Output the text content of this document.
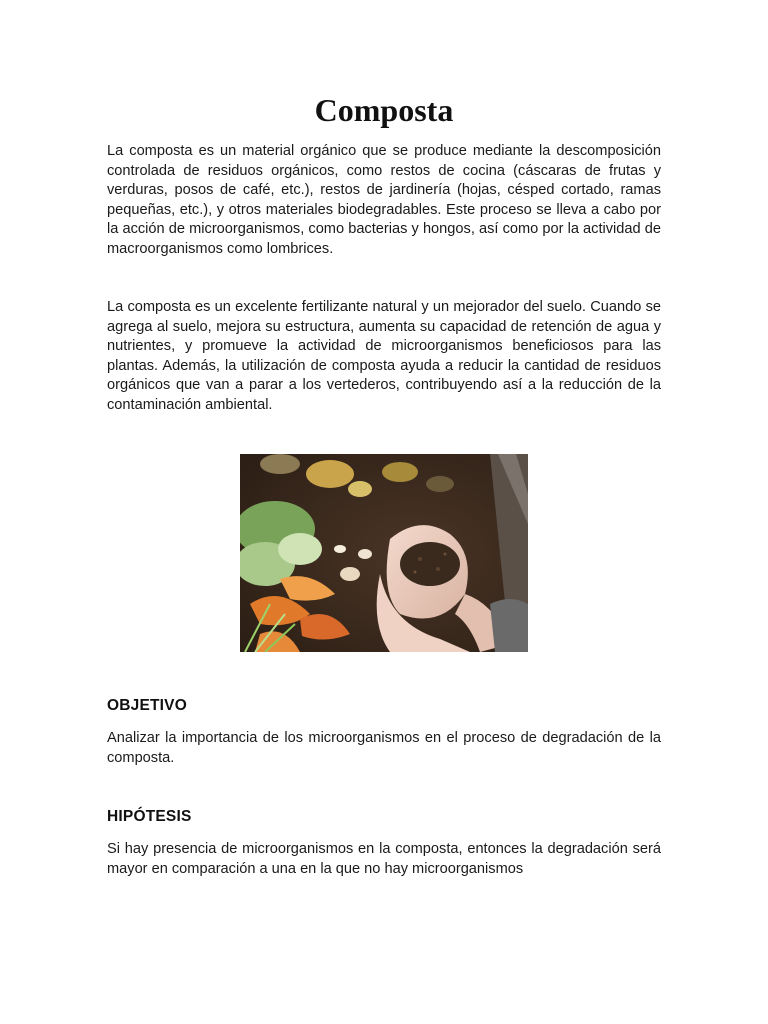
Composta

La composta es un material orgánico que se produce mediante la descomposición controlada de residuos orgánicos, como restos de cocina (cáscaras de frutas y verduras, posos de café, etc.), restos de jardinería (hojas, césped cortado, ramas pequeñas, etc.), y otros materiales biodegradables. Este proceso se lleva a cabo por la acción de microorganismos, como bacterias y hongos, así como por la actividad de macroorganismos como lombrices.

La composta es un excelente fertilizante natural y un mejorador del suelo. Cuando se agrega al suelo, mejora su estructura, aumenta su capacidad de retención de agua y nutrientes, y promueve la actividad de microorganismos beneficiosos para las plantas. Además, la utilización de composta ayuda a reducir la cantidad de residuos orgánicos que van a parar a los vertederos, contribuyendo así a la reducción de la contaminación ambiental.

OBJETIVO

Analizar la importancia de los microorganismos en el proceso de degradación de la composta.

HIPÓTESIS

Si hay presencia de microorganismos en la composta, entonces la degradación será mayor en comparación a una en la que no hay microorganismos
